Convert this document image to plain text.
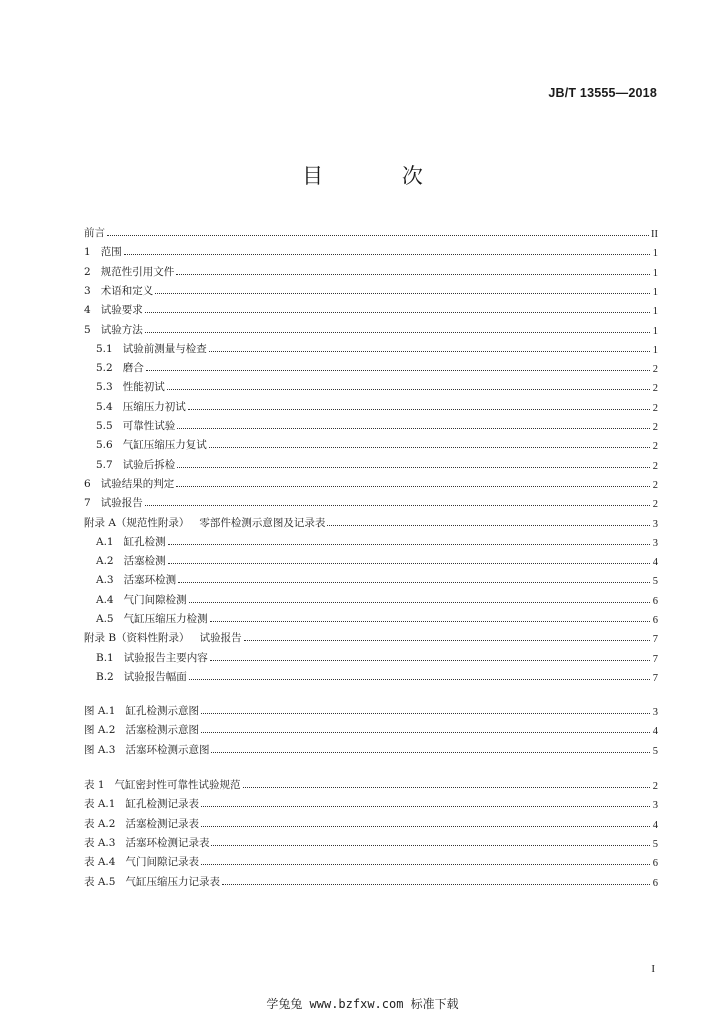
JB/T 13555—2018
目 次
前言	II
1   范围	1
2   规范性引用文件	1
3   术语和定义	1
4   试验要求	1
5   试验方法	1
5.1   试验前测量与检查	1
5.2   磨合	2
5.3   性能初试	2
5.4   压缩压力初试	2
5.5   可靠性试验	2
5.6   气缸压缩压力复试	2
5.7   试验后拆检	2
6   试验结果的判定	2
7   试验报告	2
附录 A（规范性附录）   零部件检测示意图及记录表	3
A.1   缸孔检测	3
A.2   活塞检测	4
A.3   活塞环检测	5
A.4   气门间隙检测	6
A.5   气缸压缩压力检测	6
附录 B（资料性附录）   试验报告	7
B.1   试验报告主要内容	7
B.2   试验报告幅面	7
图 A.1   缸孔检测示意图	3
图 A.2   活塞检测示意图	4
图 A.3   活塞环检测示意图	5
表 1   气缸密封性可靠性试验规范	2
表 A.1   缸孔检测记录表	3
表 A.2   活塞检测记录表	4
表 A.3   活塞环检测记录表	5
表 A.4   气门间隙记录表	6
表 A.5   气缸压缩压力记录表	6
I
学兔兔 www.bzfxw.com 标准下载
